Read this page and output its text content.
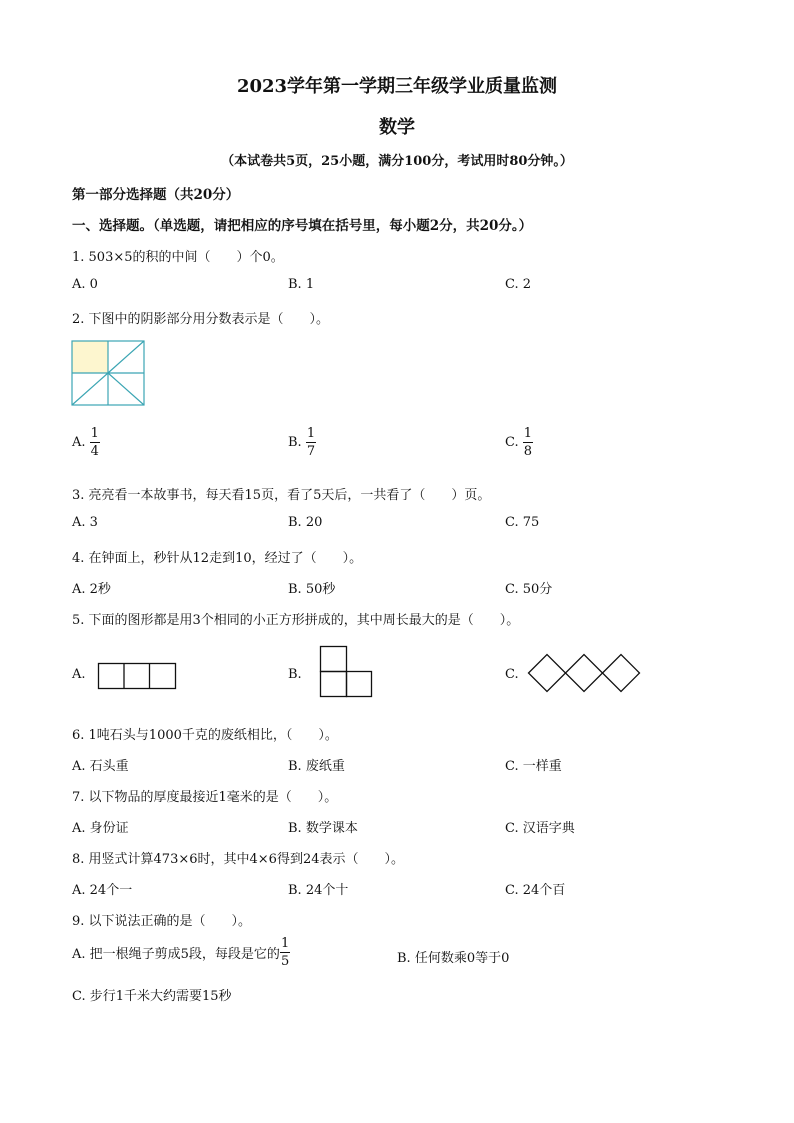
2023学年第一学期三年级学业质量监测
数学
（本试卷共5页，25小题，满分100分，考试用时80分钟。）
第一部分选择题（共20分）
一、选择题。（单选题，请把相应的序号填在括号里，每小题2分，共20分。）
1. 503×5的积的中间（　　）个0。
A. 0	B. 1	C. 2
2. 下图中的阴影部分用分数表示是（　　）。
A. $\frac{1}{4}$	B. $\frac{1}{7}$	C. $\frac{1}{8}$
3. 亮亮看一本故事书，每天看15页，看了5天后，一共看了（　　）页。
A. 3	B. 20	C. 75
4. 在钟面上，秒针从12走到10，经过了（　　）。
A. 2秒	B. 50秒	C. 50分
5. 下面的图形都是用3个相同的小正方形拼成的，其中周长最大的是（　　）。
A.	B.	C.
6. 1吨石头与1000千克的废纸相比，（　　）。
A. 石头重	B. 废纸重	C. 一样重
7. 以下物品的厚度最接近1毫米的是（　　）。
A. 身份证	B. 数学课本	C. 汉语字典
8. 用竖式计算473×6时，其中4×6得到24表示（　　）。
A. 24个一	B. 24个十	C. 24个百
9. 以下说法正确的是（　　）。
A. 把一根绳子剪成5段，每段是它的 $\frac{1}{5}$	B. 任何数乘0等于0
C. 步行1千米大约需要15秒
